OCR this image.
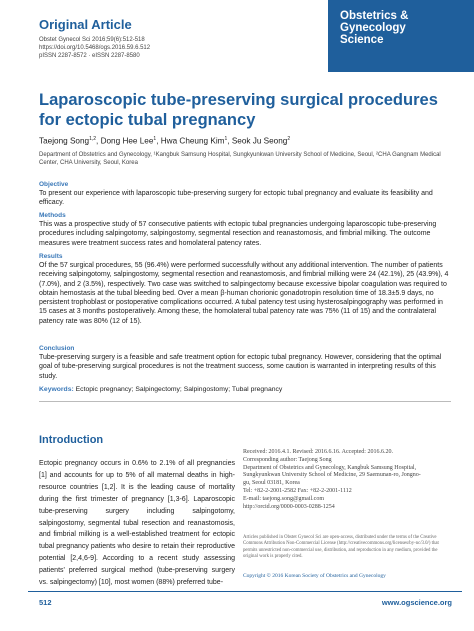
Original Article
Obstet Gynecol Sci 2016;59(6):512-518
https://doi.org/10.5468/ogs.2016.59.6.512
pISSN 2287-8572 · eISSN 2287-8580
Obstetrics &
Gynecology
Science
Laparoscopic tube-preserving surgical procedures for ectopic tubal pregnancy
Taejong Song$^{1,2}$, Dong Hee Lee$^1$, Hwa Cheung Kim$^1$, Seok Ju Seong$^2$
Department of Obstetrics and Gynecology, ¹Kangbuk Samsung Hospital, Sungkyunkwan University School of Medicine, Seoul, ²CHA Gangnam Medical Center, CHA University, Seoul, Korea
Objective
To present our experience with laparoscopic tube-preserving surgery for ectopic tubal pregnancy and evaluate its feasibility and efficacy.
Methods
This was a prospective study of 57 consecutive patients with ectopic tubal pregnancies undergoing laparoscopic tube-preserving procedures including salpingotomy, salpingostomy, segmental resection and reanastomosis, and fimbrial milking. The outcome measures were treatment success rates and homolateral patency rates.
Results
Of the 57 surgical procedures, 55 (96.4%) were performed successfully without any additional intervention. The number of patients receiving salpingotomy, salpingostomy, segmental resection and reanastomosis, and fimbrial milking were 24 (42.1%), 25 (43.9%), 4 (7.0%), and 2 (3.5%), respectively. Two case was switched to salpingectomy because excessive bipolar coagulation was required to obtain hemostasis at the tubal bleeding bed. Over a mean β-human chorionic gonadotropin resolution time of 18.3±5.9 days, no persistent trophoblast or postoperative complications occurred. A tubal patency test using hysterosalpingography was performed in 15 cases at 3 months postoperatively. Among these, the homolateral tubal patency rate was 75% (11 of 15) and the contralateral patency rate was 80% (12 of 15).
Conclusion
Tube-preserving surgery is a feasible and safe treatment option for ectopic tubal pregnancy. However, considering that the optimal goal of tube-preserving surgical procedures is not the treatment success, some caution is warranted in interpreting results of this study.
Keywords: Ectopic pregnancy; Salpingectomy; Salpingostomy; Tubal pregnancy
Introduction
Ectopic pregnancy occurs in 0.6% to 2.1% of all pregnancies [1] and accounts for up to 5% of all maternal deaths in high-resource countries [1,2]. It is the leading cause of mortality during the first trimester of pregnancy [1,3-6]. Laparoscopic tube-preserving surgery including salpingotomy, salpingostomy, segmental tubal resection and reanastomosis, and fimbrial milking is a well-established treatment for ectopic tubal pregnancy patients who desire to retain their reproductive potential [2,4,6-9]. According to a recent study assessing patients' preferred surgical method (tube-preserving surgery vs. salpingectomy) [10], most women (88%) preferred tube-
Received: 2016.4.1. Revised: 2016.6.16. Accepted: 2016.6.20.
Corresponding author: Taejong Song
Department of Obstetrics and Gynecology, Kangbuk Samsung Hospital,
Sungkyunkwan University School of Medicine, 29 Saemunan-ro, Jongno-
gu, Seoul 03181, Korea
Tel: +82-2-2001-2582 Fax: +82-2-2001-1112
E-mail: taejong.song@gmail.com
http://orcid.org/0000-0003-0288-1254
Articles published in Obstet Gynecol Sci are open-access, distributed under the terms of the Creative Commons Attribution Non-Commercial License (http://creativecommons.org/licenses/by-nc/3.0/) that permits unrestricted non-commercial use, distribution, and reproduction in any medium, provided the original work is properly cited.
Copyright © 2016 Korean Society of Obstetrics and Gynecology
512	www.ogscience.org
